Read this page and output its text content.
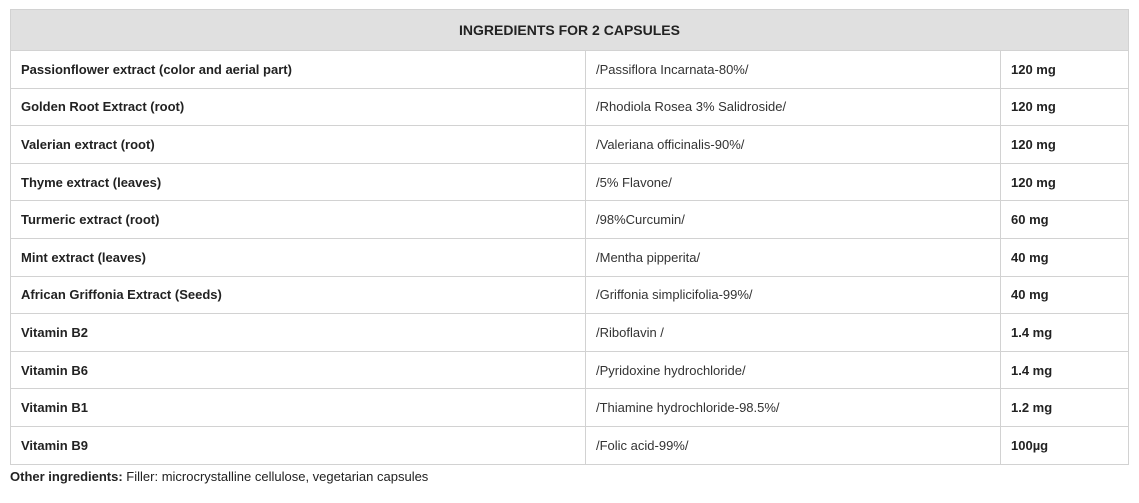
INGREDIENTS FOR 2 CAPSULES		
Passionflower extract (color and aerial part)	/Passiflora Incarnata-80%/	120 mg
Golden Root Extract (root)	/Rhodiola Rosea 3% Salidroside/	120 mg
Valerian extract (root)	/Valeriana officinalis-90%/	120 mg
Thyme extract (leaves)	/5% Flavone/	120 mg
Turmeric extract (root)	/98%Curcumin/	60 mg
Mint extract (leaves)	/Mentha pipperita/	40 mg
African Griffonia Extract (Seeds)	/Griffonia simplicifolia-99%/	40 mg
Vitamin B2	/Riboflavin /	1.4 mg
Vitamin B6	/Pyridoxine hydrochloride/	1.4 mg
Vitamin B1	/Thiamine hydrochloride-98.5%/	1.2 mg
Vitamin B9	/Folic acid-99%/	100µg
Other ingredients: Filler: microcrystalline cellulose, vegetarian capsules
